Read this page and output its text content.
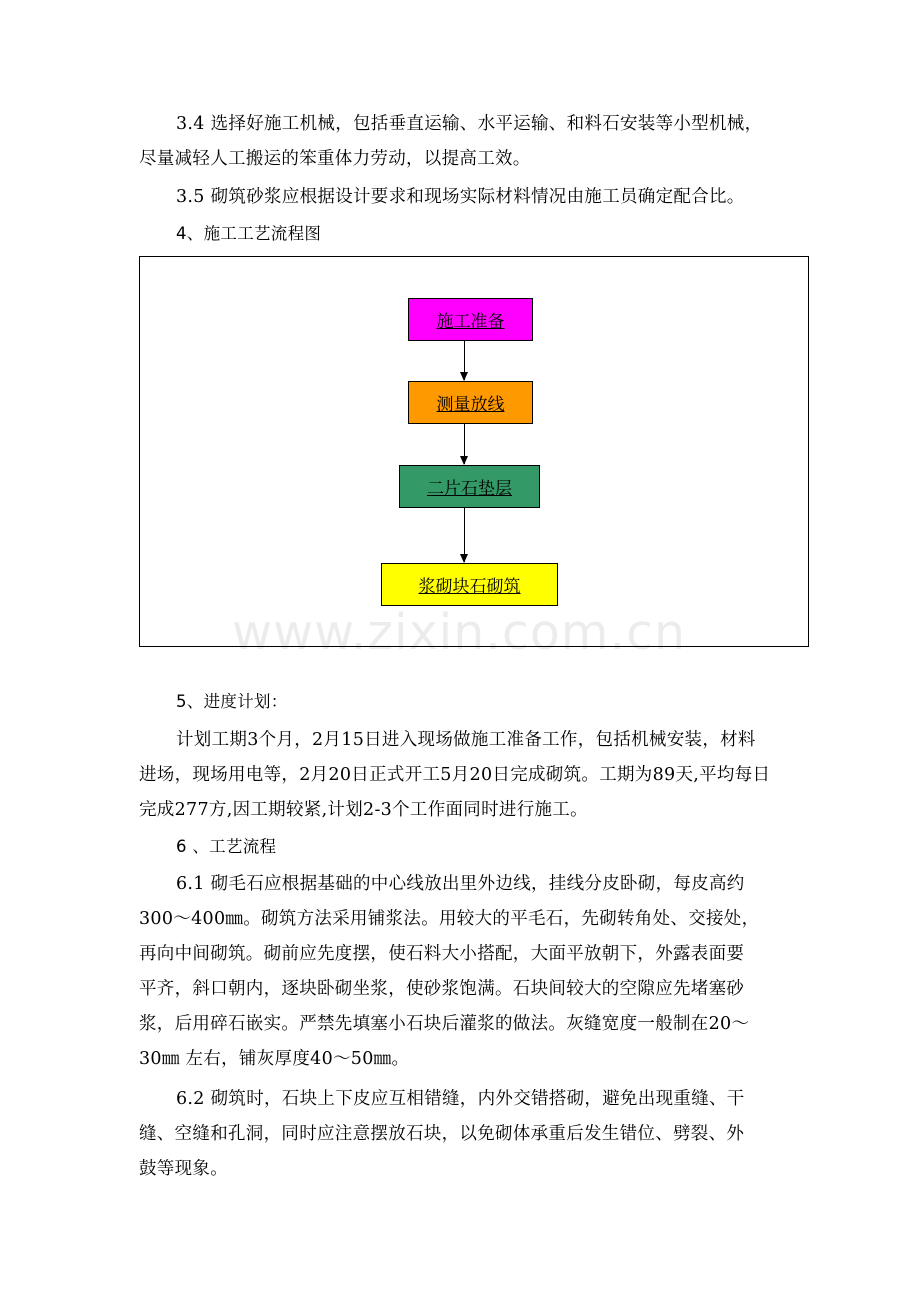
3.4 选择好施工机械，包括垂直运输、水平运输、和料石安装等小型机械，
尽量减轻人工搬运的笨重体力劳动，以提高工效。
3.5 砌筑砂浆应根据设计要求和现场实际材料情况由施工员确定配合比。
4、施工工艺流程图
施工准备
测量放线
二片石垫层
浆砌块石砌筑
www.zixin.com.cn
5、进度计划：
计划工期3个月，2月15日进入现场做施工准备工作，包括机械安装，材料
进场，现场用电等，2月20日正式开工5月20日完成砌筑。工期为89天,平均每日
完成277方,因工期较紧,计划2-3个工作面同时进行施工。
6 、工艺流程
6.1 砌毛石应根据基础的中心线放出里外边线，挂线分皮卧砌，每皮高约
300～400㎜。砌筑方法采用铺浆法。用较大的平毛石，先砌转角处、交接处，
再向中间砌筑。砌前应先度摆，使石料大小搭配，大面平放朝下，外露表面要
平齐，斜口朝内，逐块卧砌坐浆，使砂浆饱满。石块间较大的空隙应先堵塞砂
浆，后用碎石嵌实。严禁先填塞小石块后灌浆的做法。灰缝宽度一般制在20～
30㎜ 左右，铺灰厚度40～50㎜。
6.2 砌筑时，石块上下皮应互相错缝，内外交错搭砌，避免出现重缝、干
缝、空缝和孔洞，同时应注意摆放石块，以免砌体承重后发生错位、劈裂、外
鼓等现象。
